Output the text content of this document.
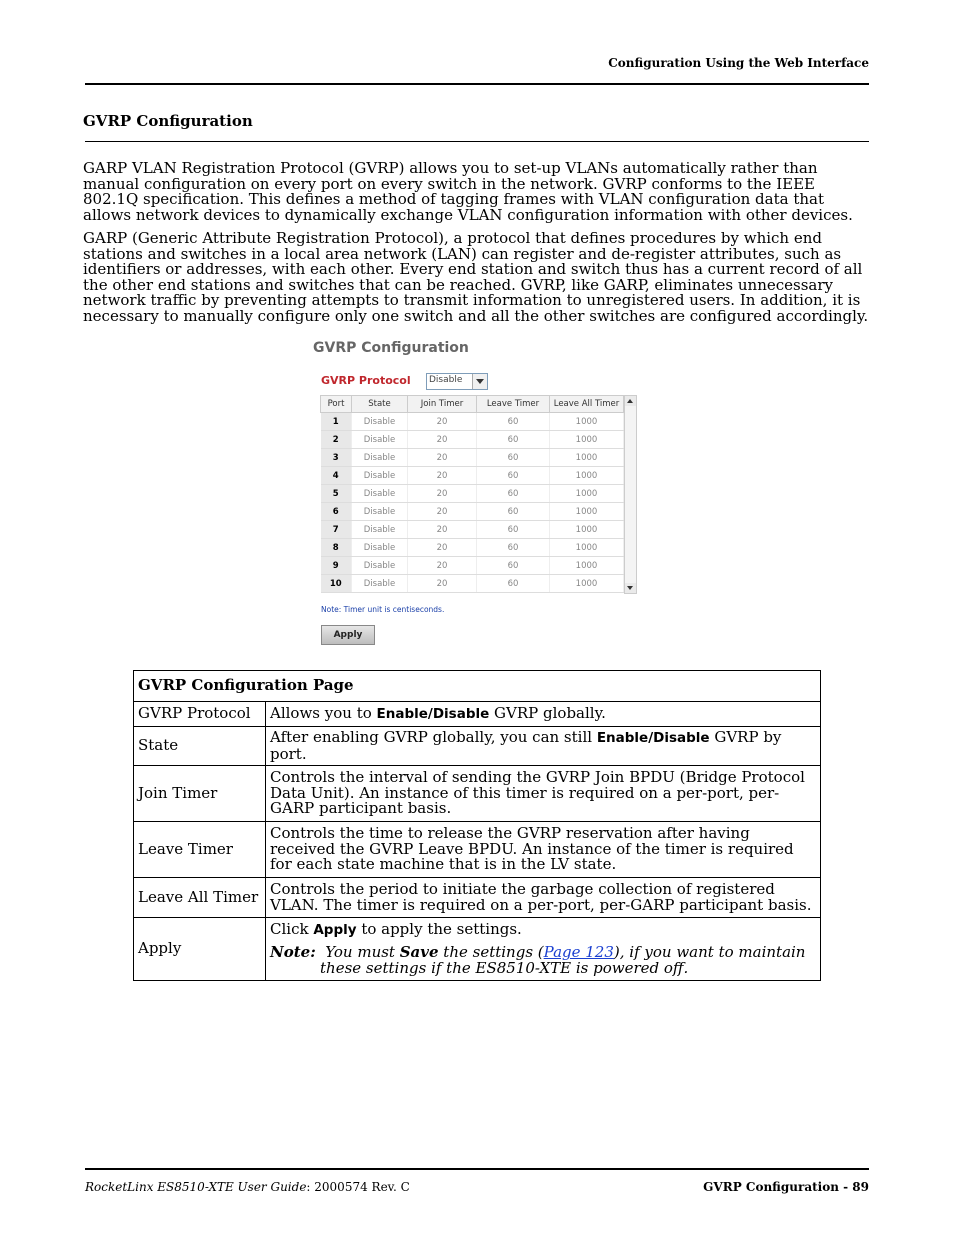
Configuration Using the Web Interface
GVRP Configuration

GARP VLAN Registration Protocol (GVRP) allows you to set-up VLANs automatically rather than manual configuration on every port on every switch in the network. GVRP conforms to the IEEE 802.1Q specification. This defines a method of tagging frames with VLAN configuration data that allows network devices to dynamically exchange VLAN configuration information with other devices.

GARP (Generic Attribute Registration Protocol), a protocol that defines procedures by which end stations and switches in a local area network (LAN) can register and de-register attributes, such as identifiers or addresses, with each other. Every end station and switch thus has a current record of all the other end stations and switches that can be reached. GVRP, like GARP, eliminates unnecessary network traffic by preventing attempts to transmit information to unregistered users. In addition, it is necessary to manually configure only one switch and all the other switches are configured accordingly.

GVRP Configuration
GVRP Protocol Disable
Port	State	Join Timer	Leave Timer	Leave All Timer
1	Disable	20	60	1000
2	Disable	20	60	1000
3	Disable	20	60	1000
4	Disable	20	60	1000
5	Disable	20	60	1000
6	Disable	20	60	1000
7	Disable	20	60	1000
8	Disable	20	60	1000
9	Disable	20	60	1000
10	Disable	20	60	1000
Note: Timer unit is centiseconds.
Apply
GVRP Configuration Page	
GVRP Protocol	Allows you to Enable/Disable GVRP globally.
State	After enabling GVRP globally, you can still Enable/Disable GVRP by port.
Join Timer	Controls the interval of sending the GVRP Join BPDU (Bridge Protocol Data Unit). An instance of this timer is required on a per-port, per-GARP participant basis.
Leave Timer	Controls the time to release the GVRP reservation after having received the GVRP Leave BPDU. An instance of the timer is required for each state machine that is in the LV state.
Leave All Timer	Controls the period to initiate the garbage collection of registered VLAN. The timer is required on a per-port, per-GARP participant basis.
Apply	Click Apply to apply the settings.
Note: You must Save the settings (Page 123), if you want to maintain these settings if the ES8510-XTE is powered off.
RocketLinx ES8510-XTE User Guide: 2000574 Rev. C	GVRP Configuration - 89
